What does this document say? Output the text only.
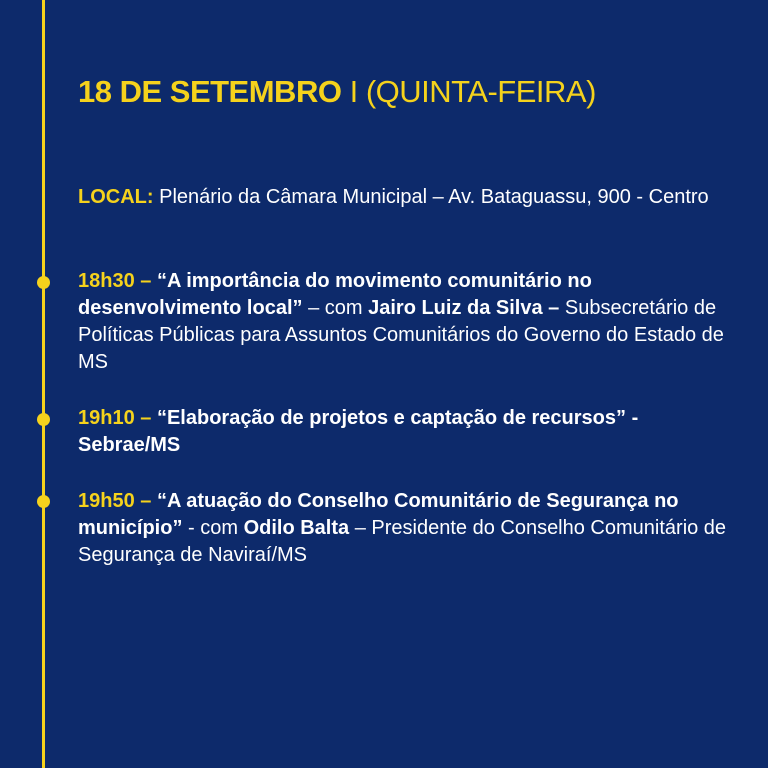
18 DE SETEMBRO I (QUINTA-FEIRA)
LOCAL: Plenário da Câmara Municipal – Av. Bataguassu, 900 - Centro
18h30 – “A importância do movimento comunitário no desenvolvimento local” – com Jairo Luiz da Silva – Subsecretário de Políticas Públicas para Assuntos Comunitários do Governo do Estado de MS
19h10 – “Elaboração de projetos e captação de recursos” - Sebrae/MS
19h50 – “A atuação do Conselho Comunitário de Segurança no município” - com Odilo Balta – Presidente do Conselho Comunitário de Segurança de Naviraí/MS
